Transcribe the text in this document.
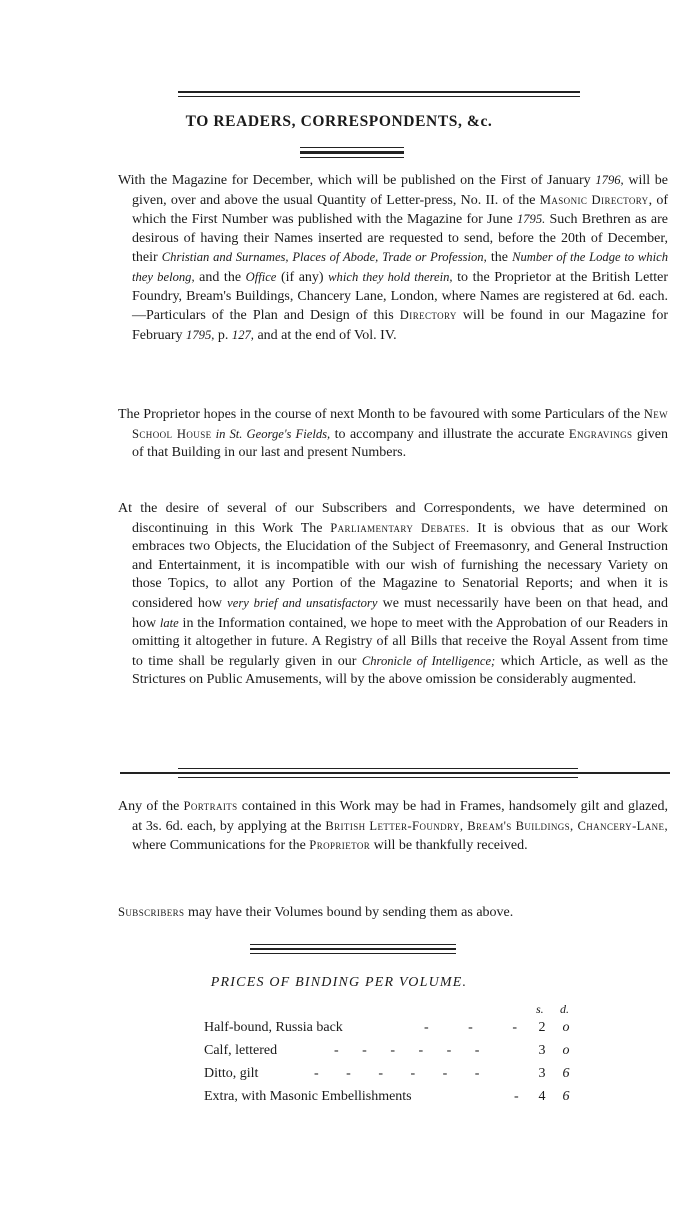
TO READERS, CORRESPONDENTS, &c.
With the Magazine for December, which will be published on the First of January 1796, will be given, over and above the usual Quantity of Letter-press, No. II. of the Masonic Directory, of which the First Number was published with the Magazine for June 1795. Such Brethren as are desirous of having their Names inserted are requested to send, before the 20th of December, their Christian and Surnames, Places of Abode, Trade or Profession, the Number of the Lodge to which they belong, and the Office (if any) which they hold therein, to the Proprietor at the British Letter Foundry, Bream's Buildings, Chancery Lane, London, where Names are registered at 6d. each.—Particulars of the Plan and Design of this Directory will be found in our Magazine for February 1795, p. 127, and at the end of Vol. IV.
The Proprietor hopes in the course of next Month to be favoured with some Particulars of the New School House in St. George's Fields, to accompany and illustrate the accurate Engravings given of that Building in our last and present Numbers.
At the desire of several of our Subscribers and Correspondents, we have determined on discontinuing in this Work The Parliamentary Debates. It is obvious that as our Work embraces two Objects, the Elucidation of the Subject of Freemasonry, and General Instruction and Entertainment, it is incompatible with our wish of furnishing the necessary Variety on those Topics, to allot any Portion of the Magazine to Senatorial Reports; and when it is considered how very brief and unsatisfactory we must necessarily have been on that head, and how late in the Information contained, we hope to meet with the Approbation of our Readers in omitting it altogether in future. A Registry of all Bills that receive the Royal Assent from time to time shall be regularly given in our Chronicle of Intelligence; which Article, as well as the Strictures on Public Amusements, will by the above omission be considerably augmented.
Any of the Portraits contained in this Work may be had in Frames, handsomely gilt and glazed, at 3s. 6d. each, by applying at the British Letter-Foundry, Bream's Buildings, Chancery-Lane, where Communications for the Proprietor will be thankfully received.
Subscribers may have their Volumes bound by sending them as above.
PRICES OF BINDING PER VOLUME.
s. d.
Half-bound, Russia back	- - - 2 o
Calf, lettered	- - - - - -	3 o
Ditto, gilt	- - - - - -	3 6
Extra, with Masonic Embellishments	- 4 6
